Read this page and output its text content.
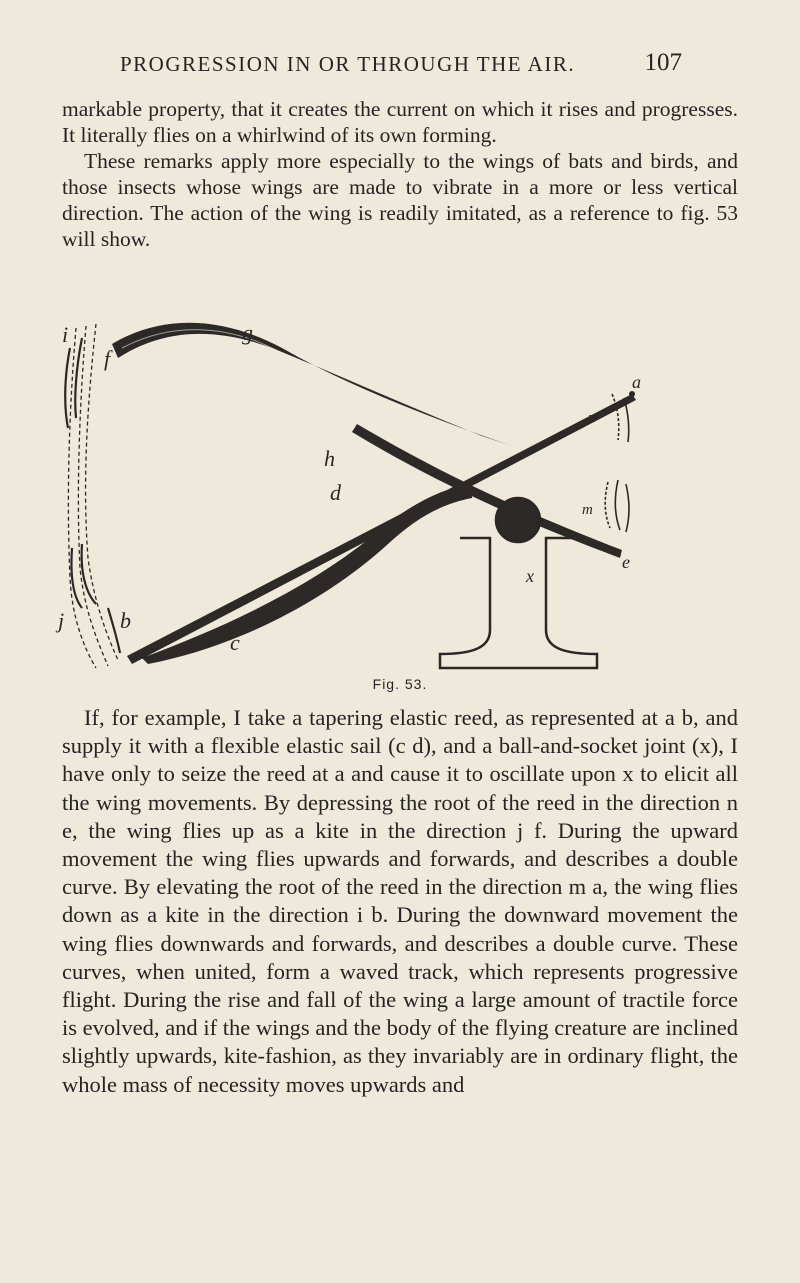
PROGRESSION IN OR THROUGH THE AIR.	107

markable property, that it creates the current on which it rises and progresses. It literally flies on a whirlwind of its own forming.

These remarks apply more especially to the wings of bats and birds, and those insects whose wings are made to vibrate in a more or less vertical direction. The action of the wing is readily imitated, as a reference to fig. 53 will show.

i
f
g
a
n
h
d
m
e
x
j	b
c
Fig. 53.

If, for example, I take a tapering elastic reed, as represented at a b, and supply it with a flexible elastic sail (c d), and a ball-and-socket joint (x), I have only to seize the reed at a and cause it to oscillate upon x to elicit all the wing movements. By depressing the root of the reed in the direction n e, the wing flies up as a kite in the direction j f. During the upward movement the wing flies upwards and forwards, and describes a double curve. By elevating the root of the reed in the direction m a, the wing flies down as a kite in the direction i b. During the downward movement the wing flies downwards and forwards, and describes a double curve. These curves, when united, form a waved track, which represents progressive flight. During the rise and fall of the wing a large amount of tractile force is evolved, and if the wings and the body of the flying creature are inclined slightly upwards, kite-fashion, as they invariably are in ordinary flight, the whole mass of necessity moves upwards and
